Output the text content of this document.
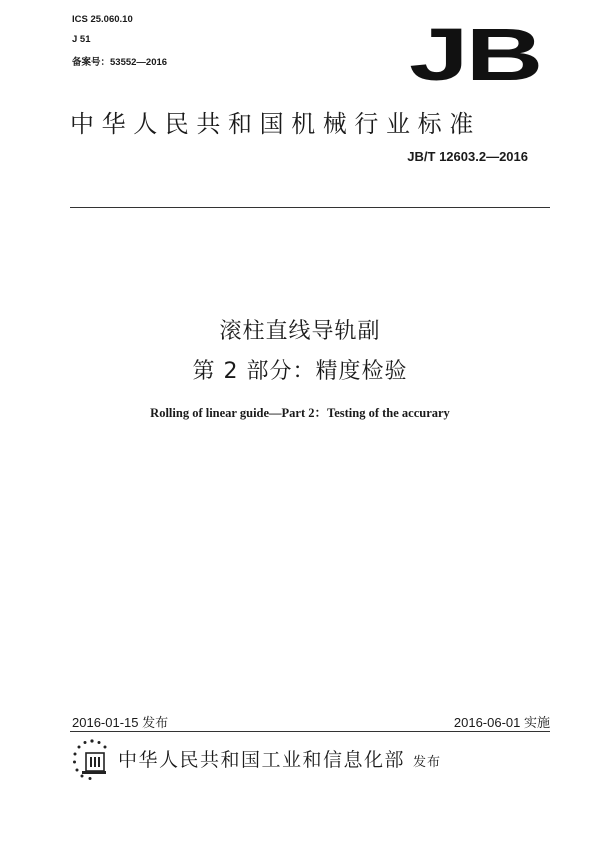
ICS 25.060.10
J 51
备案号：53552—2016	JB
中华人民共和国机械行业标准
JB/T 12603.2—2016
滚柱直线导轨副
第 2 部分：精度检验
Rolling of linear guide—Part 2：Testing of the accurary
2016-01-15 发布	2016-06-01 实施
中华人民共和国工业和信息化部 发布
